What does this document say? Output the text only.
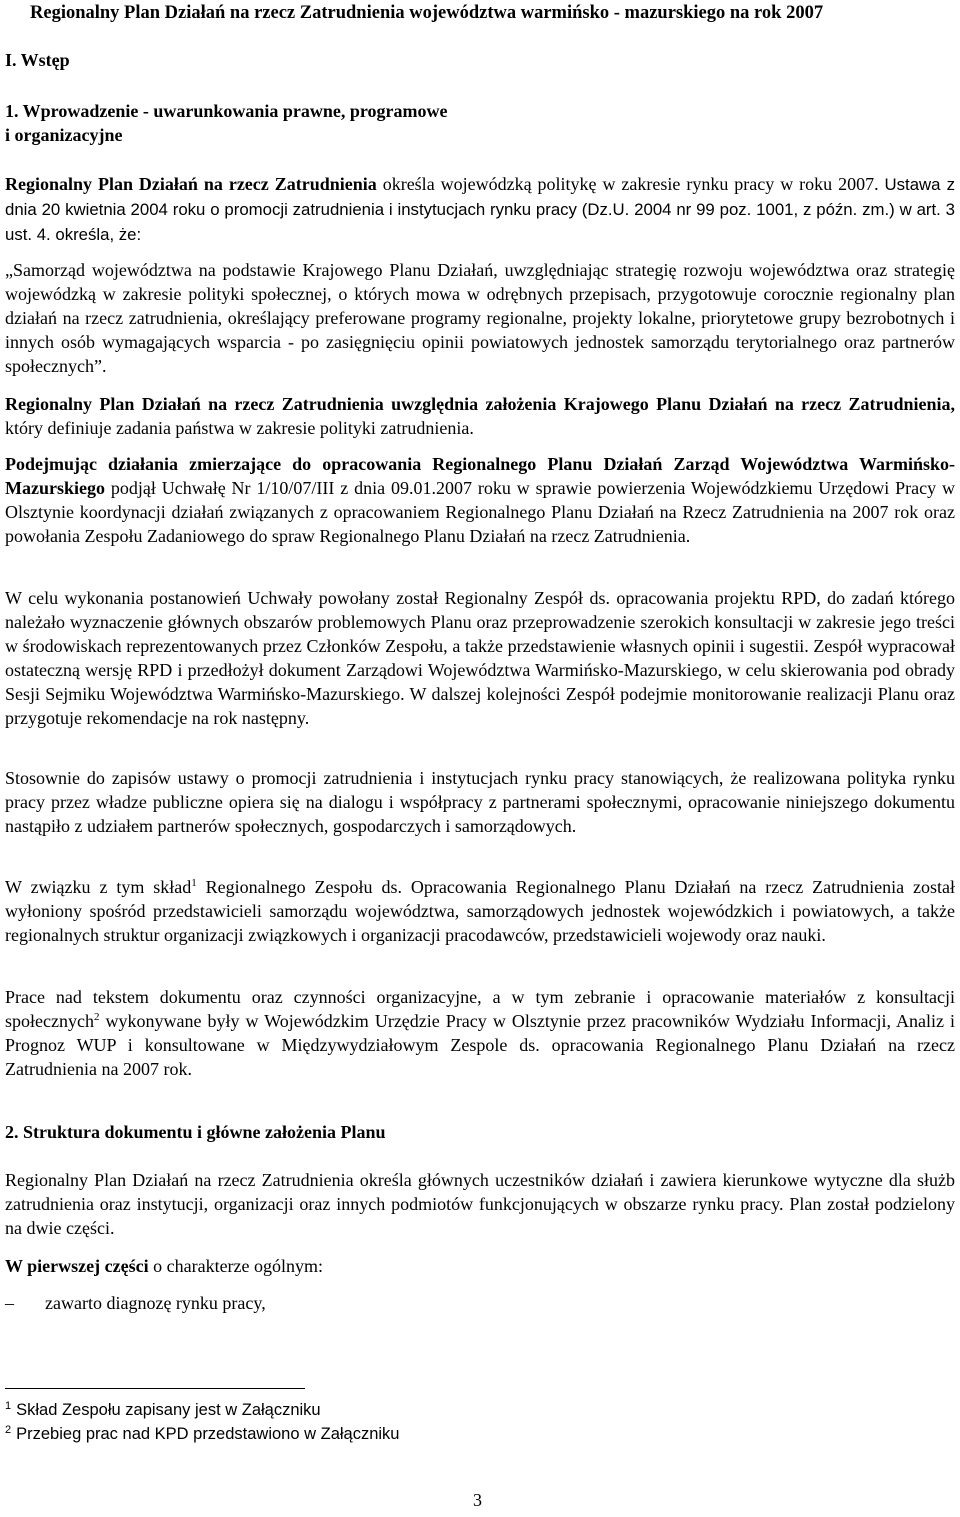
Regionalny Plan Działań na rzecz Zatrudnienia województwa warmińsko - mazurskiego na rok 2007
I. Wstęp
1. Wprowadzenie - uwarunkowania prawne, programowe
i organizacyjne

Regionalny Plan Działań na rzecz Zatrudnienia określa wojewódzką politykę w zakresie rynku pracy w roku 2007. Ustawa z dnia 20 kwietnia 2004 roku o promocji zatrudnienia i instytucjach rynku pracy (Dz.U. 2004 nr 99 poz. 1001, z późn. zm.) w art. 3 ust. 4. określa, że:

„Samorząd województwa na podstawie Krajowego Planu Działań, uwzględniając strategię rozwoju województwa oraz strategię wojewódzką w zakresie polityki społecznej, o których mowa w odrębnych przepisach, przygotowuje corocznie regionalny plan działań na rzecz zatrudnienia, określający preferowane programy regionalne, projekty lokalne, priorytetowe grupy bezrobotnych i innych osób wymagających wsparcia - po zasięgnięciu opinii powiatowych jednostek samorządu terytorialnego oraz partnerów społecznych”.

Regionalny Plan Działań na rzecz Zatrudnienia uwzględnia założenia Krajowego Planu Działań na rzecz Zatrudnienia, który definiuje zadania państwa w zakresie polityki zatrudnienia.

Podejmując działania zmierzające do opracowania Regionalnego Planu Działań Zarząd Województwa Warmińsko-Mazurskiego podjął Uchwałę Nr 1/10/07/III z dnia 09.01.2007 roku w sprawie powierzenia Wojewódzkiemu Urzędowi Pracy w Olsztynie koordynacji działań związanych z opracowaniem Regionalnego Planu Działań na Rzecz Zatrudnienia na 2007 rok oraz powołania Zespołu Zadaniowego do spraw Regionalnego Planu Działań na rzecz Zatrudnienia.

W celu wykonania postanowień Uchwały powołany został Regionalny Zespół ds. opracowania projektu RPD, do zadań którego należało wyznaczenie głównych obszarów problemowych Planu oraz przeprowadzenie szerokich konsultacji w zakresie jego treści w środowiskach reprezentowanych przez Członków Zespołu, a także przedstawienie własnych opinii i sugestii. Zespół wypracował ostateczną wersję RPD i przedłożył dokument Zarządowi Województwa Warmińsko-Mazurskiego, w celu skierowania pod obrady Sesji Sejmiku Województwa Warmińsko-Mazurskiego. W dalszej kolejności Zespół podejmie monitorowanie realizacji Planu oraz przygotuje rekomendacje na rok następny.

Stosownie do zapisów ustawy o promocji zatrudnienia i instytucjach rynku pracy stanowiących, że realizowana polityka rynku pracy przez władze publiczne opiera się na dialogu i współpracy z partnerami społecznymi, opracowanie niniejszego dokumentu nastąpiło z udziałem partnerów społecznych, gospodarczych i samorządowych.

W związku z tym skład$^1$ Regionalnego Zespołu ds. Opracowania Regionalnego Planu Działań na rzecz Zatrudnienia został wyłoniony spośród przedstawicieli samorządu województwa, samorządowych jednostek wojewódzkich i powiatowych, a także regionalnych struktur organizacji związkowych i organizacji pracodawców, przedstawicieli wojewody oraz nauki.

Prace nad tekstem dokumentu oraz czynności organizacyjne, a w tym zebranie i opracowanie materiałów z konsultacji społecznych$^2$ wykonywane były w Wojewódzkim Urzędzie Pracy w Olsztynie przez pracowników Wydziału Informacji, Analiz i Prognoz WUP i konsultowane w Międzywydziałowym Zespole ds. opracowania Regionalnego Planu Działań na rzecz Zatrudnienia na 2007 rok.

2. Struktura dokumentu i główne założenia Planu

Regionalny Plan Działań na rzecz Zatrudnienia określa głównych uczestników działań i zawiera kierunkowe wytyczne dla służb zatrudnienia oraz instytucji, organizacji oraz innych podmiotów funkcjonujących w obszarze rynku pracy. Plan został podzielony na dwie części.

W pierwszej części o charakterze ogólnym:

–	zawarto diagnozę rynku pracy,
$^1$ Skład Zespołu zapisany jest w Załączniku
$^2$ Przebieg prac nad KPD przedstawiono w Załączniku
3
